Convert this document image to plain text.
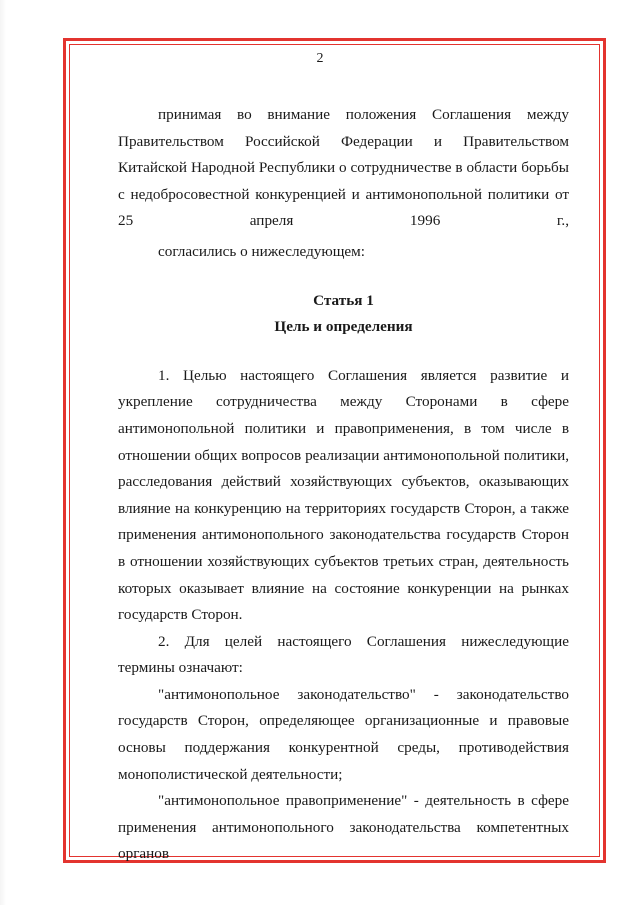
2

принимая во внимание положения Соглашения между Правительством Российской Федерации и Правительством Китайской Народной Республики о сотрудничестве в области борьбы с недобросовестной конкуренцией и антимонопольной политики от 25 апреля 1996 г.,

согласились о нижеследующем:

Статья 1

Цель и определения

1. Целью настоящего Соглашения является развитие и укрепление сотрудничества между Сторонами в сфере антимонопольной политики и правоприменения, в том числе в отношении общих вопросов реализации антимонопольной политики, расследования действий хозяйствующих субъектов, оказывающих влияние на конкуренцию на территориях государств Сторон, а также применения антимонопольного законодательства государств Сторон в отношении хозяйствующих субъектов третьих стран, деятельность которых оказывает влияние на состояние конкуренции на рынках государств Сторон.

2. Для целей настоящего Соглашения нижеследующие термины означают:

"антимонопольное законодательство" - законодательство государств Сторон, определяющее организационные и правовые основы поддержания конкурентной среды, противодействия монополистической деятельности;

"антимонопольное правоприменение" - деятельность в сфере применения антимонопольного законодательства компетентных органов
